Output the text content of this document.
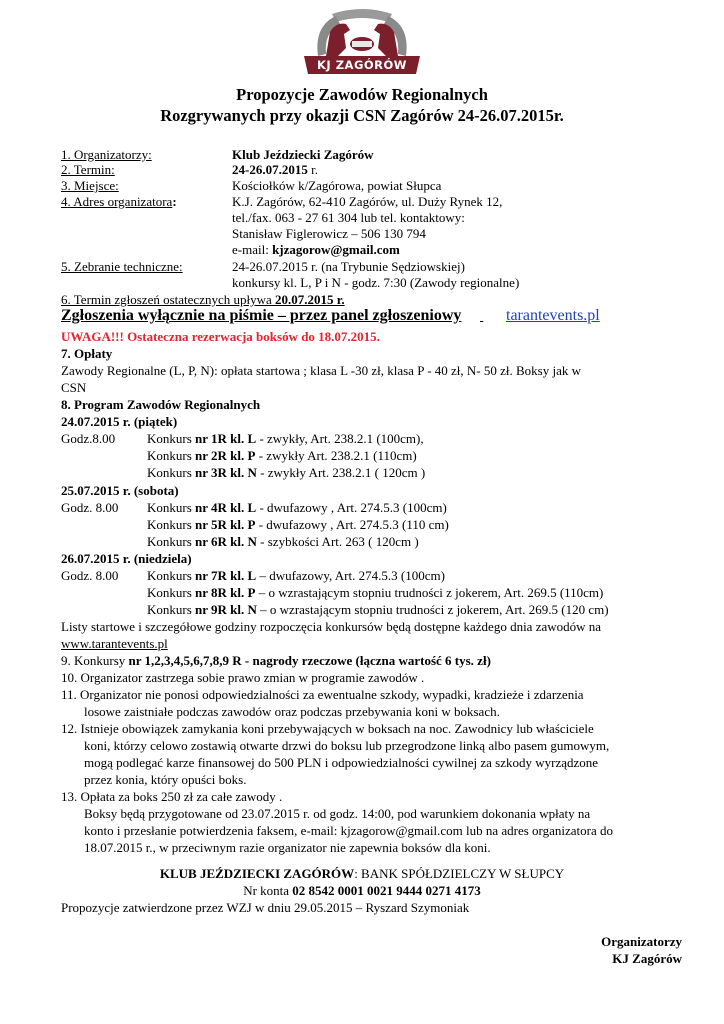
KJ ZAGÓRÓW
Propozycje Zawodów Regionalnych
Rozgrywanych przy okazji CSN Zagórów 24-26.07.2015r.
1. Organizatorzy:	Klub Jeździecki Zagórów
2. Termin:	24-26.07.2015 r.
3. Miejsce:	Kościołków k/Zagórowa, powiat Słupca
4. Adres organizatora:	K.J. Zagórów, 62-410 Zagórów, ul. Duży Rynek 12,
tel./fax. 063 - 27 61 304 lub tel. kontaktowy:
Stanisław Figlerowicz – 506 130 794
e-mail: kjzagorow@gmail.com
5. Zebranie techniczne:	24-26.07.2015 r. (na Trybunie Sędziowskiej)
konkursy kl. L, P i N - godz. 7:30 (Zawody regionalne)
6. Termin zgłoszeń ostatecznych upływa 20.07.2015 r.
Zgłoszenia wyłącznie na piśmie – przez panel zgłoszeniowy
	tarantevents.pl
UWAGA!!! Ostateczna rezerwacja boksów do 18.07.2015.
7. Opłaty
Zawody Regionalne (L, P, N): opłata startowa ; klasa L -30 zł, klasa P - 40 zł, N- 50 zł. Boksy jak w
CSN
8. Program Zawodów Regionalnych
24.07.2015 r. (piątek)
Godz.8.00 Konkurs nr 1R kl. L - zwykły, Art. 238.2.1 (100cm),
Konkurs nr 2R kl. P - zwykły Art. 238.2.1 (110cm)
Konkurs nr 3R kl. N - zwykły Art. 238.2.1 ( 120cm )
25.07.2015 r. (sobota)
Godz. 8.00 Konkurs nr 4R kl. L - dwufazowy , Art. 274.5.3 (100cm)
Konkurs nr 5R kl. P - dwufazowy , Art. 274.5.3 (110 cm)
Konkurs nr 6R kl. N - szybkości Art. 263 ( 120cm )
26.07.2015 r. (niedziela)
Godz. 8.00 Konkurs nr 7R kl. L – dwufazowy, Art. 274.5.3 (100cm)
Konkurs nr 8R kl. P – o wzrastającym stopniu trudności z jokerem, Art. 269.5 (110cm)
Konkurs nr 9R kl. N – o wzrastającym stopniu trudności z jokerem, Art. 269.5 (120 cm)
Listy startowe i szczegółowe godziny rozpoczęcia konkursów będą dostępne każdego dnia zawodów na
www.tarantevents.pl
9. Konkursy nr 1,2,3,4,5,6,7,8,9 R - nagrody rzeczowe (łączna wartość 6 tys. zł)
10. Organizator zastrzega sobie prawo zmian w programie zawodów .
11. Organizator nie ponosi odpowiedzialności za ewentualne szkody, wypadki, kradzieże i zdarzenia
losowe zaistniałe podczas zawodów oraz podczas przebywania koni w boksach.
12. Istnieje obowiązek zamykania koni przebywających w boksach na noc. Zawodnicy lub właściciele
koni, którzy celowo zostawią otwarte drzwi do boksu lub przegrodzone linką albo pasem gumowym,
mogą podlegać karze finansowej do 500 PLN i odpowiedzialności cywilnej za szkody wyrządzone
przez konia, który opuści boks.
13. Opłata za boks 250 zł za całe zawody .
Boksy będą przygotowane od 23.07.2015 r. od godz. 14:00, pod warunkiem dokonania wpłaty na
konto i przesłanie potwierdzenia faksem, e-mail: kjzagorow@gmail.com lub na adres organizatora do
18.07.2015 r., w przeciwnym razie organizator nie zapewnia boksów dla koni.
KLUB JEŹDZIECKI ZAGÓRÓW: BANK SPÓŁDZIELCZY W SŁUPCY
Nr konta 02 8542 0001 0021 9444 0271 4173
Propozycje zatwierdzone przez WZJ w dniu 29.05.2015 – Ryszard Szymoniak
Organizatorzy
KJ Zagórów
